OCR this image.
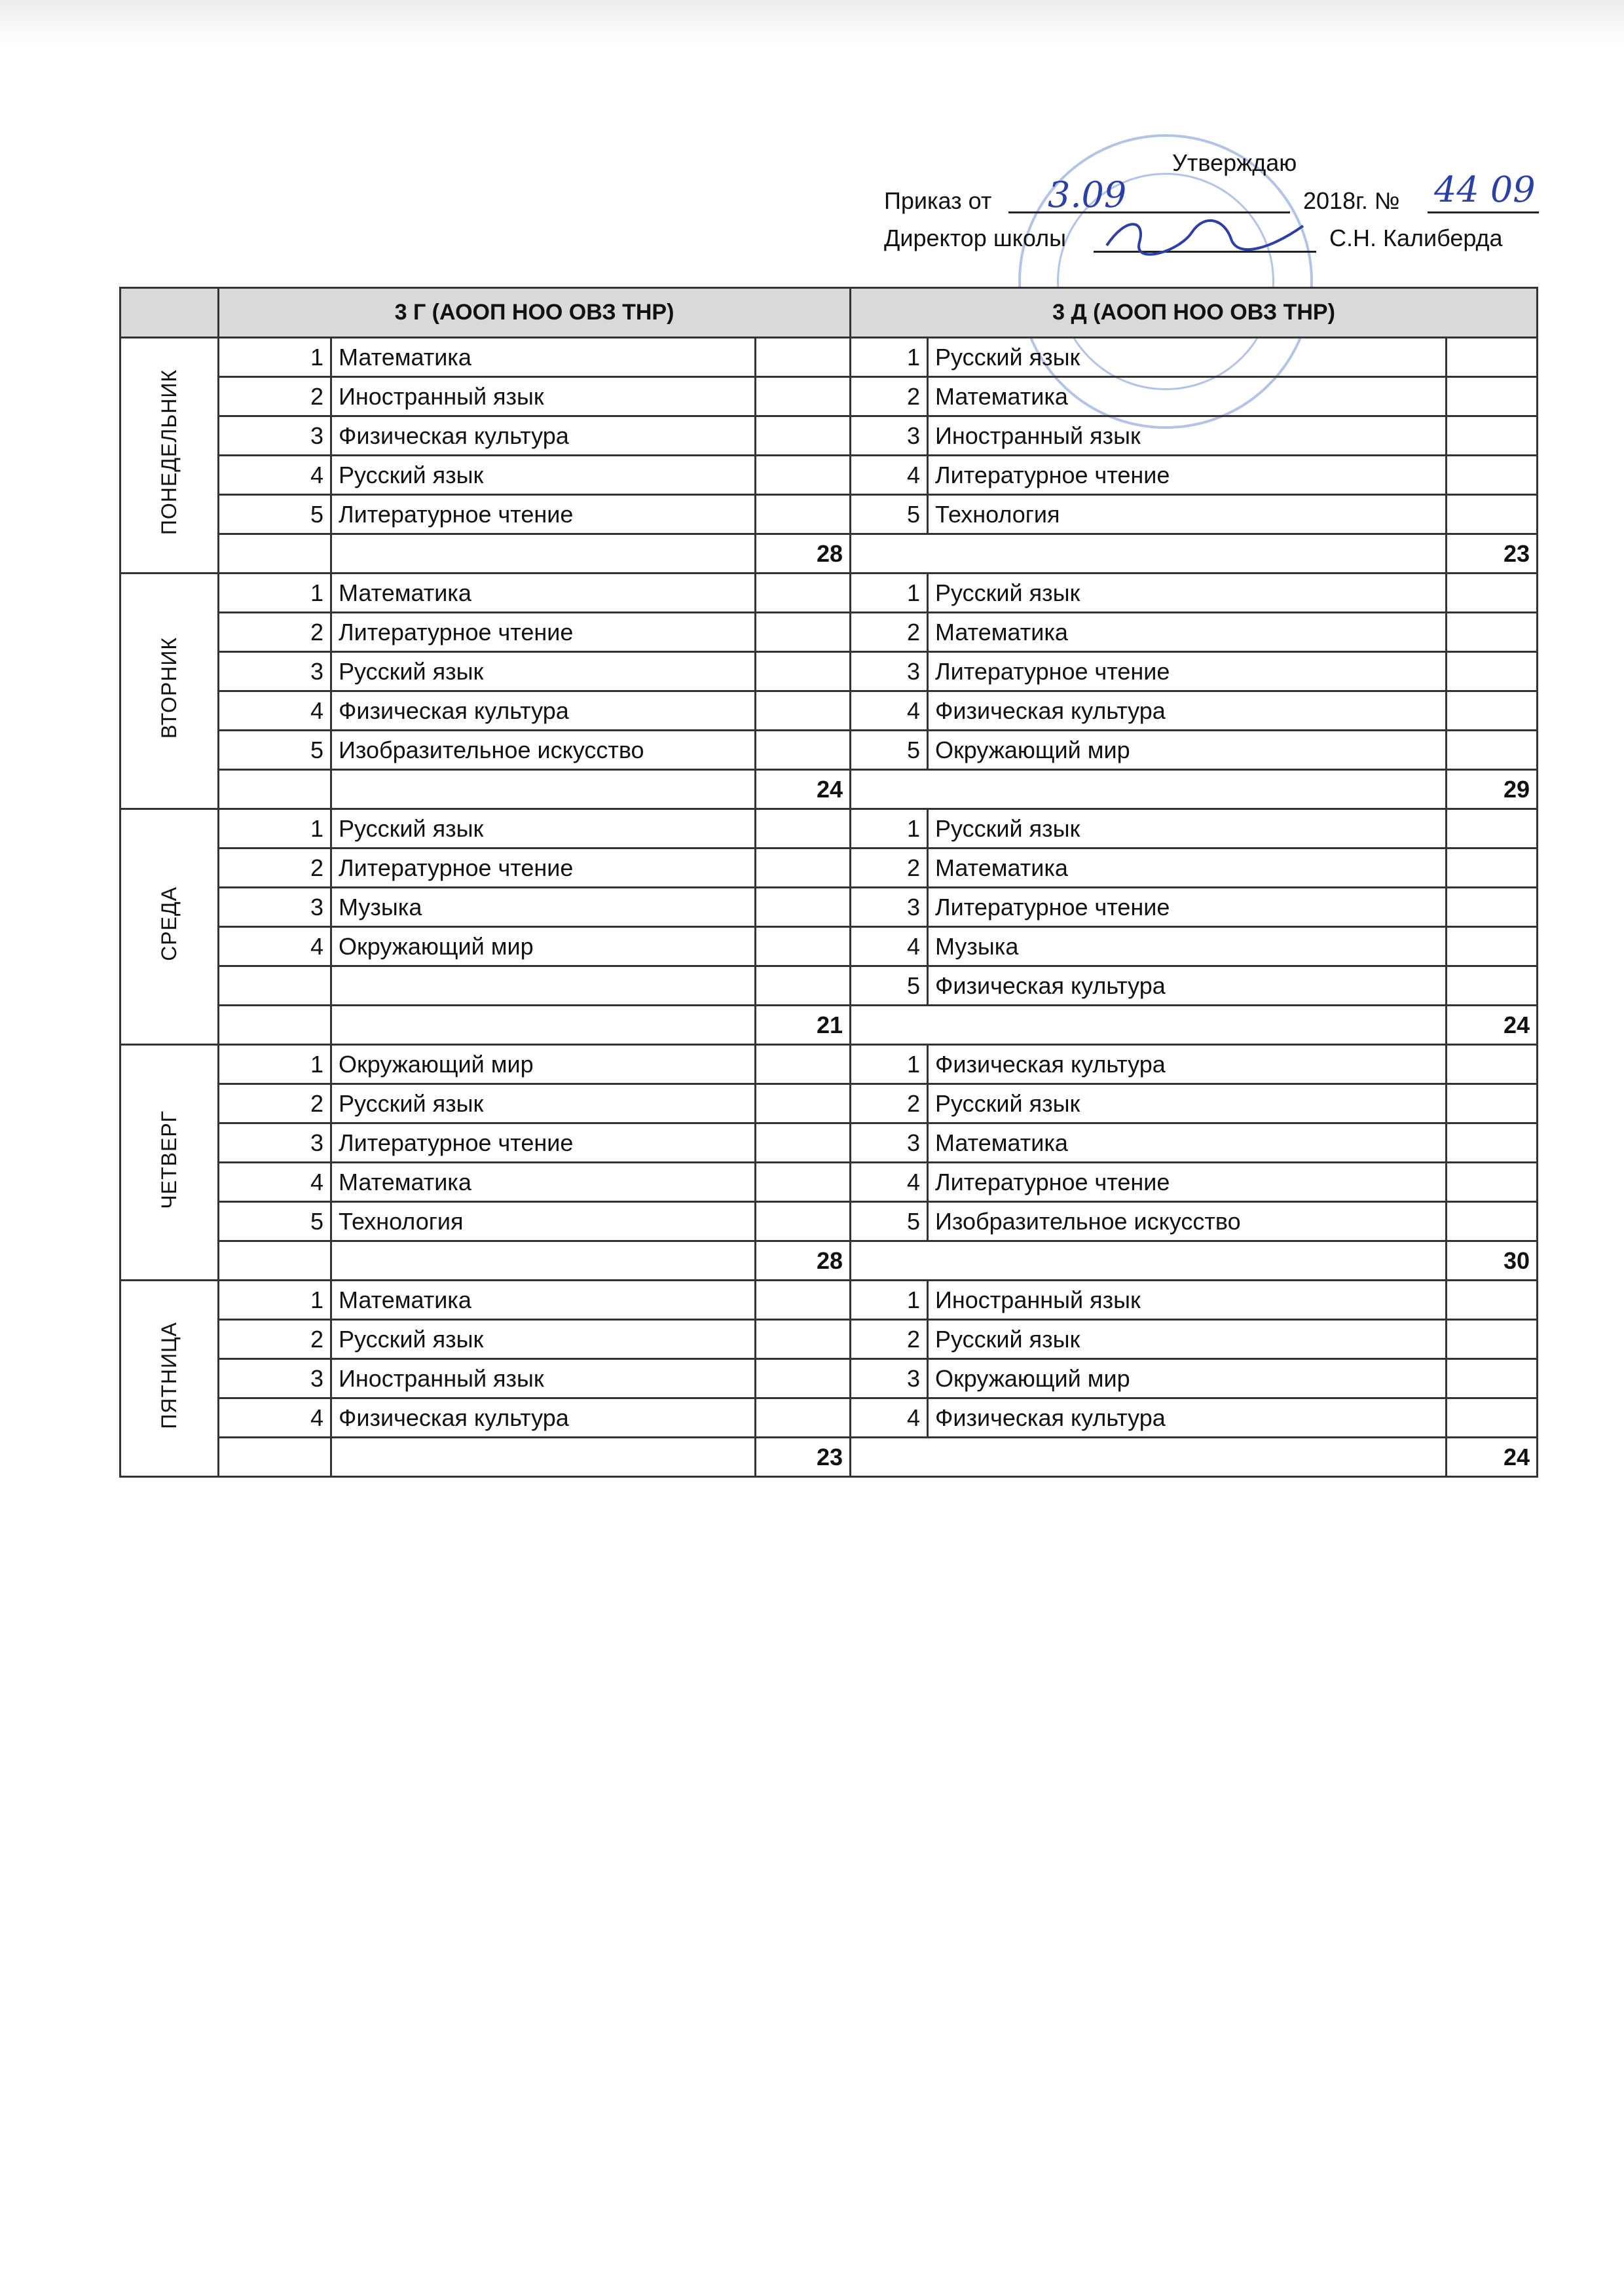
Утверждаю
Приказ от 3.09	2018г. № 44 09
Директор школы	С.Н. Калиберда
	3 Г (АООП НОО ОВЗ ТНР)			3 Д (АООП НОО ОВЗ ТНР)		
ПОНЕДЕЛЬНИК	1	Математика		1	Русский язык	
	2	Иностранный язык		2	Математика	
	3	Физическая культура		3	Иностранный язык	
	4	Русский язык		4	Литературное чтение	
	5	Литературное чтение		5	Технология	
			28			23
ВТОРНИК	1	Математика		1	Русский язык	
	2	Литературное чтение		2	Математика	
	3	Русский язык		3	Литературное чтение	
	4	Физическая культура		4	Физическая культура	
	5	Изобразительное искусство		5	Окружающий мир	
			24			29
СРЕДА	1	Русский язык		1	Русский язык	
	2	Литературное чтение		2	Математика	
	3	Музыка		3	Литературное чтение	
	4	Окружающий мир		4	Музыка	
				5	Физическая культура	
			21			24
ЧЕТВЕРГ	1	Окружающий мир		1	Физическая культура	
	2	Русский язык		2	Русский язык	
	3	Литературное чтение		3	Математика	
	4	Математика		4	Литературное чтение	
	5	Технология		5	Изобразительное искусство	
			28			30
ПЯТНИЦА	1	Математика		1	Иностранный язык	
	2	Русский язык		2	Русский язык	
	3	Иностранный язык		3	Окружающий мир	
	4	Физическая культура		4	Физическая культура	
			23			24
